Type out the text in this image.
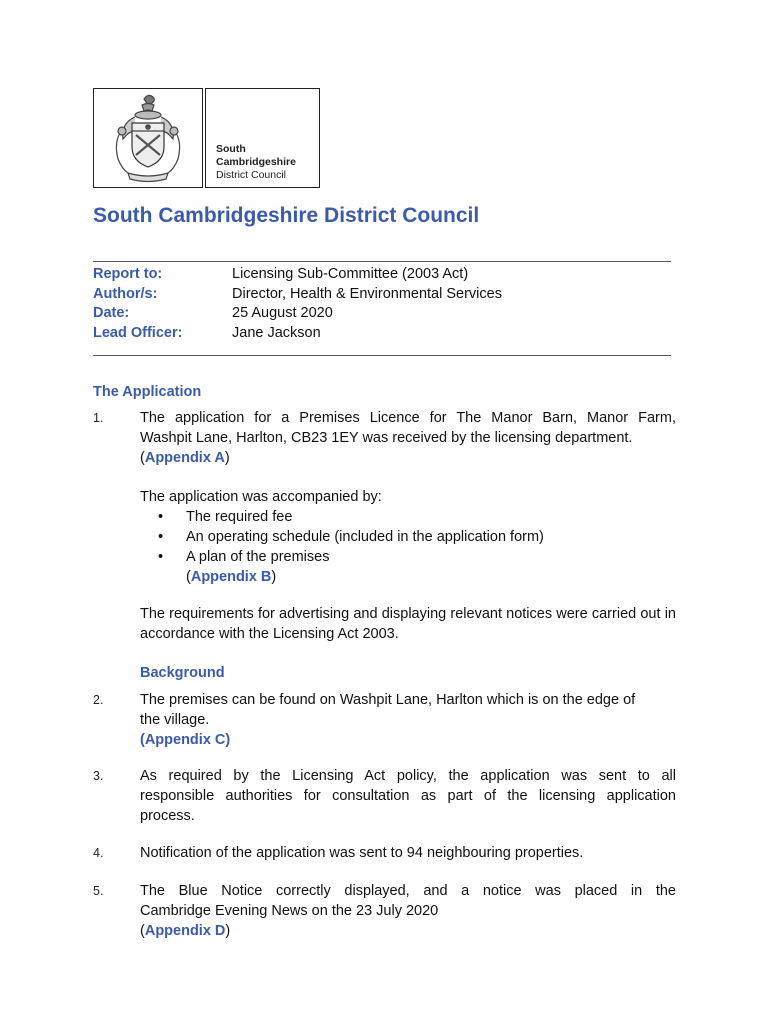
South
Cambridgeshire
District Council
South Cambridgeshire District Council
Report to:	Licensing Sub-Committee (2003 Act)
Author/s:	Director, Health & Environmental Services
Date:	25 August 2020
Lead Officer:	Jane Jackson
The Application
1.	The application for a Premises Licence for The Manor Barn, Manor Farm,
Washpit Lane, Harlton, CB23 1EY was received by the licensing department.
(Appendix A)
The application was accompanied by:
• The required fee
• An operating schedule (included in the application form)
• A plan of the premises
(Appendix B)
The requirements for advertising and displaying relevant notices were carried out in accordance with the Licensing Act 2003.
Background
2.	The premises can be found on Washpit Lane, Harlton which is on the edge of
the village.
(Appendix C)
3.	As required by the Licensing Act policy, the application was sent to all
responsible authorities for consultation as part of the licensing application
process.
4.	Notification of the application was sent to 94 neighbouring properties.
5.	The Blue Notice correctly displayed, and a notice was placed in the
Cambridge Evening News on the 23 July 2020
(Appendix D)
